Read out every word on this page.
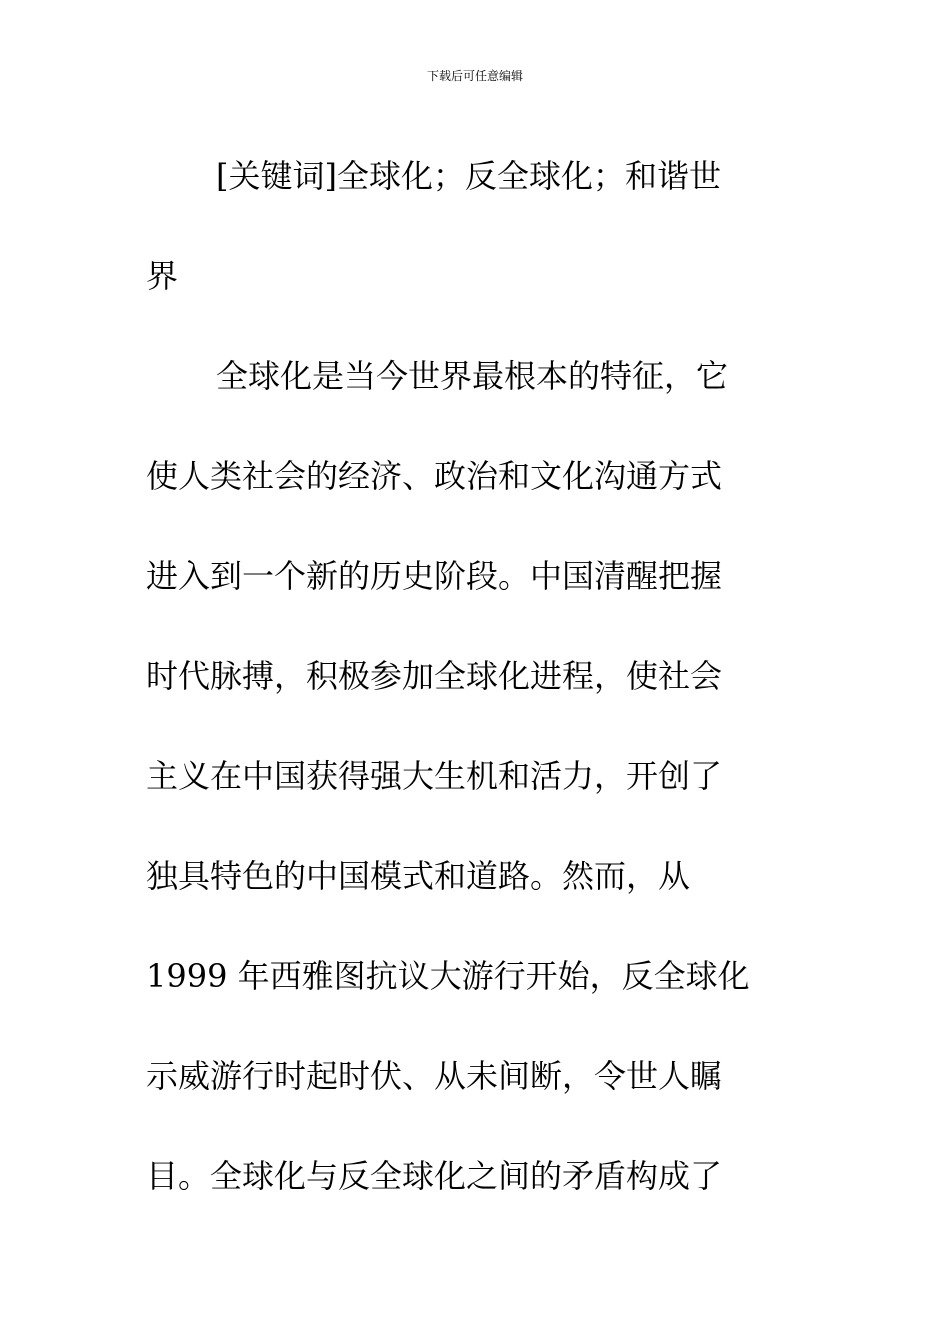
下载后可任意编辑
[关键词]全球化；反全球化；和谐世
界
全球化是当今世界最根本的特征，它
使人类社会的经济、政治和文化沟通方式
进入到一个新的历史阶段。中国清醒把握
时代脉搏，积极参加全球化进程，使社会
主义在中国获得强大生机和活力，开创了
独具特色的中国模式和道路。然而，从
1999 年西雅图抗议大游行开始，反全球化
示威游行时起时伏、从未间断，令世人瞩
目。全球化与反全球化之间的矛盾构成了
